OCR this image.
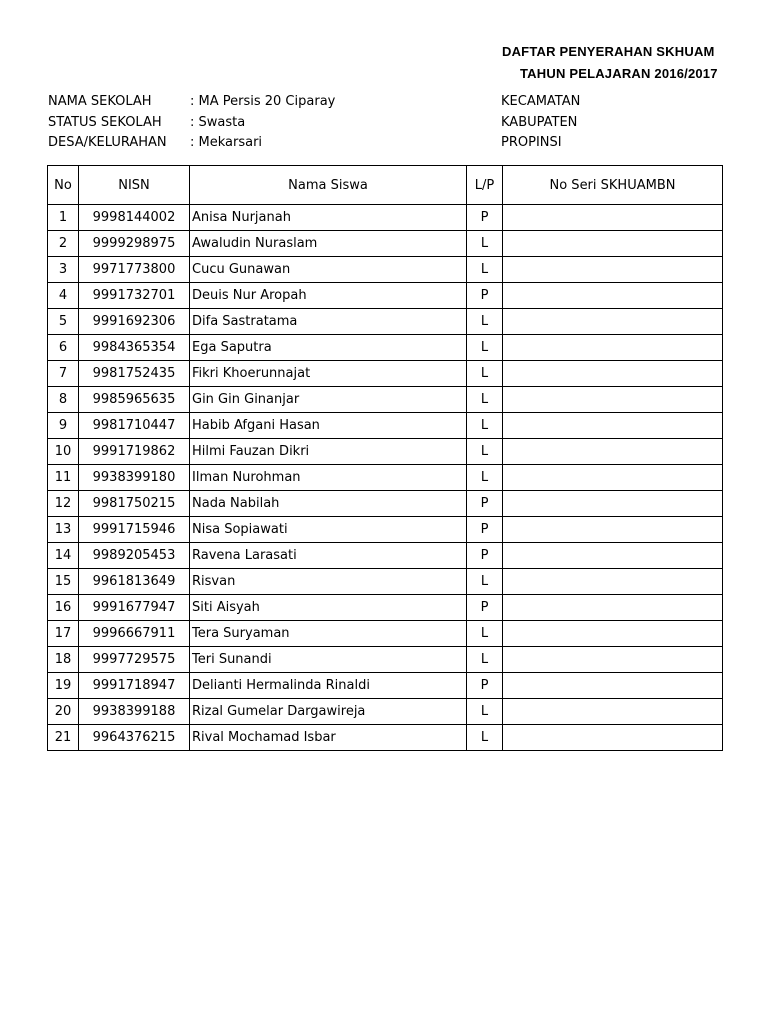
DAFTAR PENYERAHAN SKHUAM
TAHUN PELAJARAN 2016/2017
NAMA SEKOLAH	: MA Persis 20 Ciparay
STATUS SEKOLAH : Swasta
DESA/KELURAHAN : Mekarsari
KECAMATAN
KABUPATEN
PROPINSI
No	NISN	Nama Siswa	L/P	No Seri SKHUAMBN
1	9998144002	Anisa Nurjanah	P	
2	9999298975	Awaludin Nuraslam	L	
3	9971773800	Cucu Gunawan	L	
4	9991732701	Deuis Nur Aropah	P	
5	9991692306	Difa Sastratama	L	
6	9984365354	Ega Saputra	L	
7	9981752435	Fikri Khoerunnajat	L	
8	9985965635	Gin Gin Ginanjar	L	
9	9981710447	Habib Afgani Hasan	L	
10	9991719862	Hilmi Fauzan Dikri	L	
11	9938399180	Ilman Nurohman	L	
12	9981750215	Nada Nabilah	P	
13	9991715946	Nisa Sopiawati	P	
14	9989205453	Ravena Larasati	P	
15	9961813649	Risvan	L	
16	9991677947	Siti Aisyah	P	
17	9996667911	Tera Suryaman	L	
18	9997729575	Teri Sunandi	L	
19	9991718947	Delianti Hermalinda Rinaldi	P	
20	9938399188	Rizal Gumelar Dargawireja	L	
21	9964376215	Rival Mochamad Isbar	L	
